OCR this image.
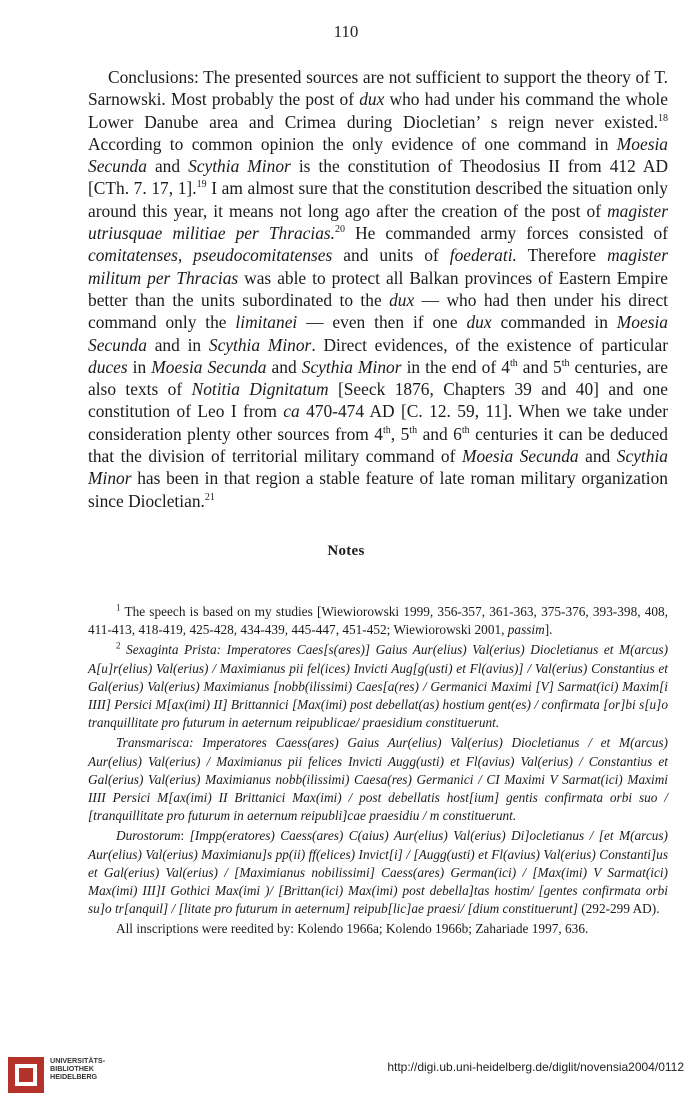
110

Conclusions: The presented sources are not sufficient to support the theory of T. Sarnowski. Most probably the post of dux who had under his command the whole Lower Danube area and Crimea during Diocletian’ s reign never existed.$^{18}$ According to common opinion the only evidence of one command in Moesia Secunda and Scythia Minor is the constitution of Theodosius II from 412 AD [CTh. 7. 17, 1].$^{19}$ I am almost sure that the constitution described the situation only around this year, it means not long ago after the creation of the post of magister utriusquae militiae per Thracias.$^{20}$ He commanded army forces consisted of comitatenses, pseudocomitatenses and units of foederati. Therefore magister militum per Thracias was able to protect all Balkan provinces of Eastern Empire better than the units subordinated to the dux — who had then under his direct command only the limitanei — even then if one dux commanded in Moesia Secunda and in Scythia Minor. Direct evidences, of the existence of particular duces in Moesia Secunda and Scythia Minor in the end of 4th and 5th centuries, are also texts of Notitia Dignitatum [Seeck 1876, Chapters 39 and 40] and one constitution of Leo I from ca 470-474 AD [C. 12. 59, 11]. When we take under consideration plenty other sources from 4th, 5th and 6th centuries it can be deduced that the division of territorial military command of Moesia Secunda and Scythia Minor has been in that region a stable feature of late roman military organization since Diocletian.$^{21}$

Notes

$^1$ The speech is based on my studies [Wiewiorowski 1999, 356-357, 361-363, 375-376, 393-398, 408, 411-413, 418-419, 425-428, 434-439, 445-447, 451-452; Wiewiorowski 2001, passim].

$^2$ Sexaginta Prista: Imperatores Caes[s(ares)] Gaius Aur(elius) Val(erius) Diocletianus et M(arcus) A[u]r(elius) Val(erius) / Maximianus pii fel(ices) Invicti Aug[g(usti) et Fl(avius)] / Val(erius) Constantius et Gal(erius) Val(erius) Maximianus [nobb(ilissimi) Caes[a(res) / Germanici Maximi [V] Sarmat(ici) Maxim[i IIII] Persici M[ax(imi) II] Brittannici [Max(imi) post debellat(as) hostium gent(es) / confirmata [or]bi s[u]o tranquillitate pro futurum in aeternum reipublicae/ praesidium constituerunt.

Transmarisca: Imperatores Caess(ares) Gaius Aur(elius) Val(erius) Diocletianus / et M(arcus) Aur(elius) Val(erius) / Maximianus pii felices Invicti Augg(usti) et Fl(avius) Val(erius) / Constantius et Gal(erius) Val(erius) Maximianus nobb(ilissimi) Caesa(res) Germanici / CI Maximi V Sarmat(ici) Maximi IIII Persici M[ax(imi) II Brittanici Max(imi) / post debellatis host[ium] gentis confirmata orbi suo / [tranquillitate pro futurum in aeternum reipubli]cae praesidiu / m constituerunt.

Durostorum: [Impp(eratores) Caess(ares) C(aius) Aur(elius) Val(erius) Di]ocletianus / [et M(arcus) Aur(elius) Val(erius) Maximianu]s pp(ii) ff(elices) Invict[i] / [Augg(usti) et Fl(avius) Val(erius) Constanti]us et Gal(erius) Val(erius) / [Maximianus nobilissimi] Caess(ares) German(ici) / [Max(imi) V Sarmat(ici) Max(imi) III]I Gothici Max(imi )/ [Brittan(ici) Max(imi) post debella]tas hostim/ [gentes confirmata orbi su]o tr[anquil] / [litate pro futurum in aeternum] reipub[lic]ae praesi/ [dium constituerunt] (292-299 AD).

All inscriptions were reedited by: Kolendo 1966a; Kolendo 1966b; Zahariade 1997, 636.

UNIVERSITÄTS-
BIBLIOTHEK
HEIDELBERG
http://digi.ub.uni-heidelberg.de/diglit/novensia2004/0112
